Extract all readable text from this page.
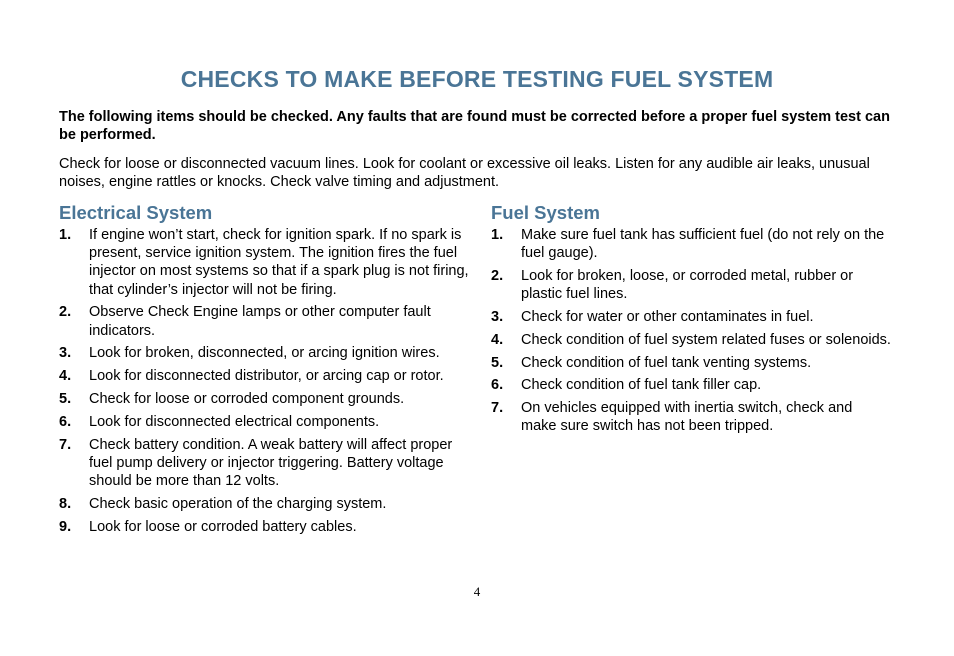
CHECKS TO MAKE BEFORE TESTING FUEL SYSTEM

The following items should be checked. Any faults that are found must be corrected before a proper fuel system test can be performed.

Check for loose or disconnected vacuum lines. Look for coolant or excessive oil leaks. Listen for any audible air leaks, unusual noises, engine rattles or knocks. Check valve timing and adjustment.

Electrical System
1.	If engine won’t start, check for ignition spark. If no spark is present, service ignition system. The ignition fires the fuel injector on most systems so that if a spark plug is not firing, that cylinder’s injector will not be firing.
2.	Observe Check Engine lamps or other computer fault indicators.
3.	Look for broken, disconnected, or arcing ignition wires.
4.	Look for disconnected distributor, or arcing cap or rotor.
5.	Check for loose or corroded component grounds.
6.	Look for disconnected electrical components.
7.	Check battery condition. A weak battery will affect proper fuel pump delivery or injector triggering. Battery voltage should be more than 12 volts.
8.	Check basic operation of the charging system.
9.	Look for loose or corroded battery cables.
Fuel System
1.	Make sure fuel tank has sufficient fuel (do not rely on the fuel gauge).
2.	Look for broken, loose, or corroded metal, rubber or plastic fuel lines.
3.	Check for water or other contaminates in fuel.
4.	Check condition of fuel system related fuses or solenoids.
5.	Check condition of fuel tank venting systems.
6.	Check condition of fuel tank filler cap.
7.	On vehicles equipped with inertia switch, check and make sure switch has not been tripped.
4
